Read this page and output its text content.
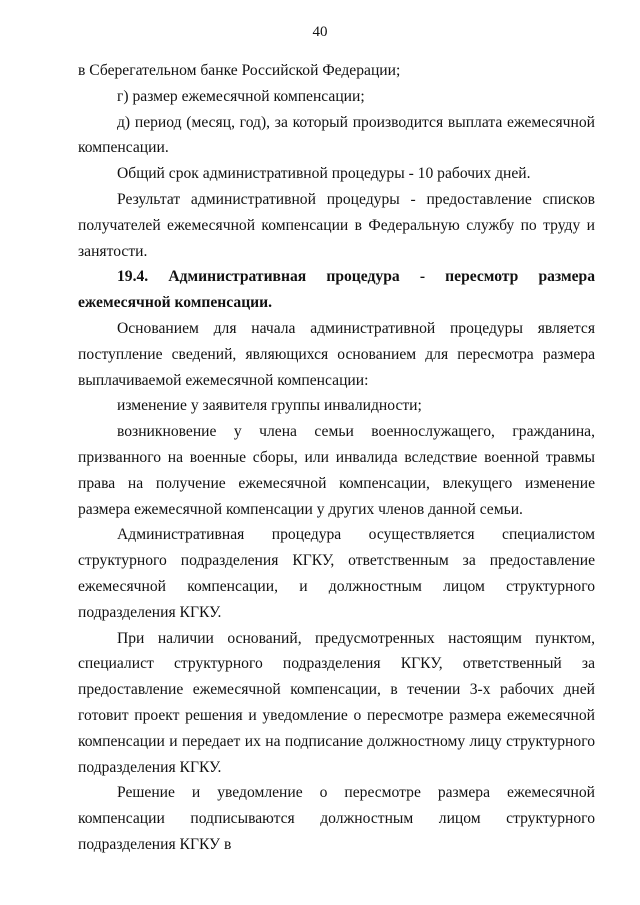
40

в Сберегательном банке Российской Федерации;

г) размер ежемесячной компенсации;

д) период (месяц, год), за который производится выплата ежемесячной компенсации.

Общий срок административной процедуры - 10 рабочих дней.

Результат административной процедуры - предоставление списков получателей ежемесячной компенсации в Федеральную службу по труду и занятости.

19.4. Административная процедура - пересмотр размера ежемесячной компенсации.

Основанием для начала административной процедуры является поступление сведений, являющихся основанием для пересмотра размера выплачиваемой ежемесячной компенсации:

изменение у заявителя группы инвалидности;

возникновение у члена семьи военнослужащего, гражданина, призванного на военные сборы, или инвалида вследствие военной травмы права на получение ежемесячной компенсации, влекущего изменение размера ежемесячной компенсации у других членов данной семьи.

Административная процедура осуществляется специалистом структурного подразделения КГКУ, ответственным за предоставление ежемесячной компенсации, и должностным лицом структурного подразделения КГКУ.

При наличии оснований, предусмотренных настоящим пунктом, специалист структурного подразделения КГКУ, ответственный за предоставление ежемесячной компенсации, в течении 3-х рабочих дней готовит проект решения и уведомление о пересмотре размера ежемесячной компенсации и передает их на подписание должностному лицу структурного подразделения КГКУ.

Решение и уведомление о пересмотре размера ежемесячной компенсации подписываются должностным лицом структурного подразделения КГКУ в
